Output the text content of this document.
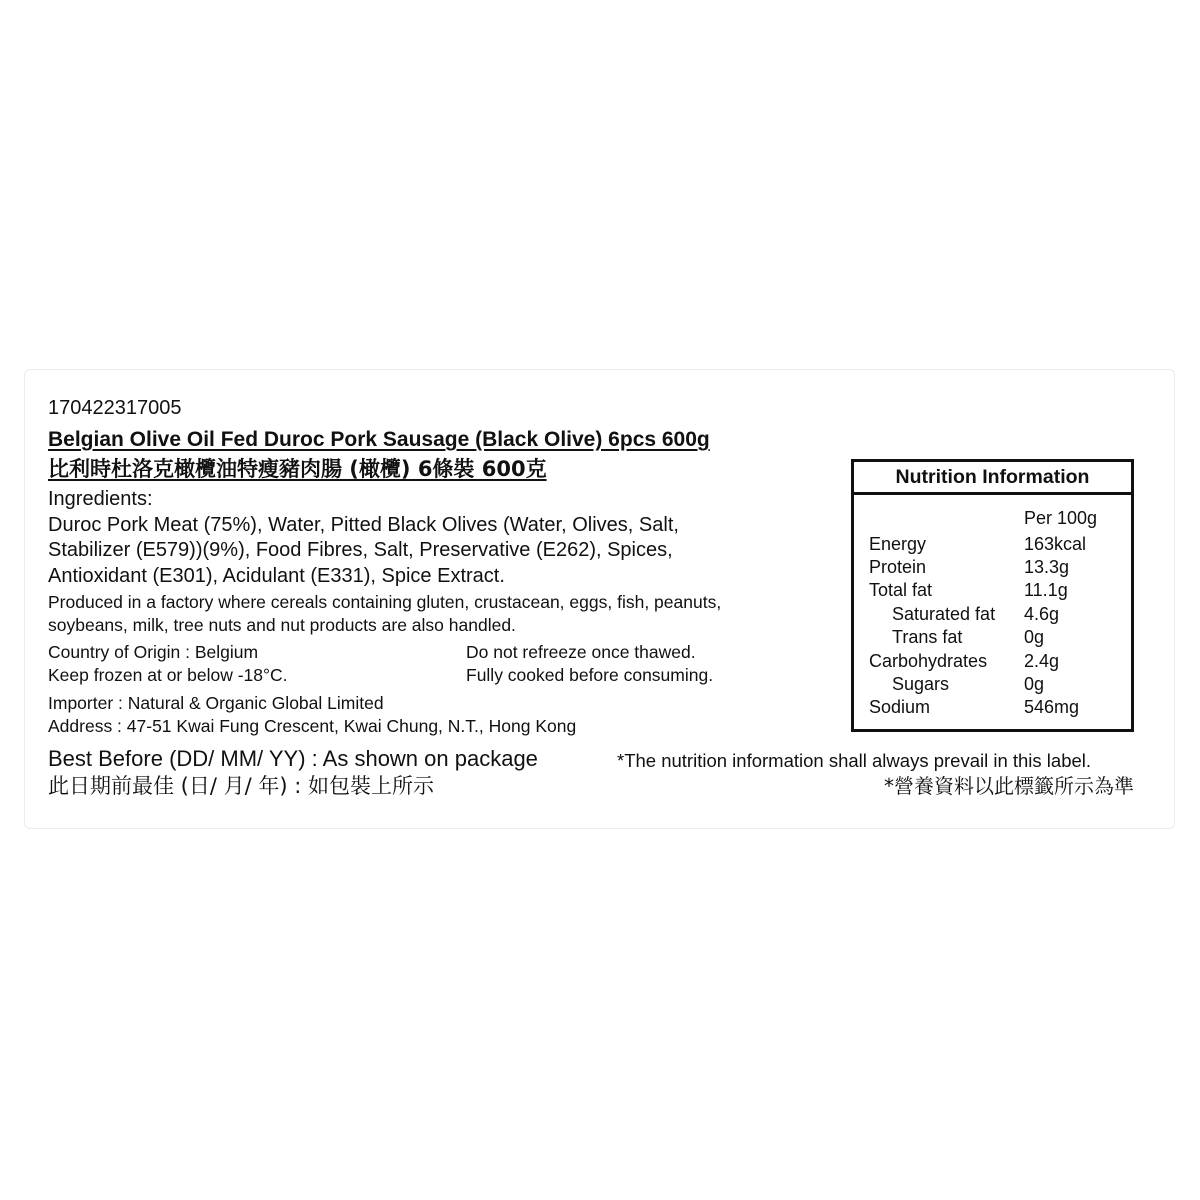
170422317005
Belgian Olive Oil Fed Duroc Pork Sausage (Black Olive) 6pcs 600g
比利時杜洛克橄欖油特瘦豬肉腸 (橄欖) 6條裝 600克
Ingredients:
Duroc Pork Meat (75%), Water, Pitted Black Olives (Water, Olives, Salt,
Stabilizer (E579))(9%), Food Fibres, Salt, Preservative (E262), Spices,
Antioxidant (E301), Acidulant (E331), Spice Extract.
Produced in a factory where cereals containing gluten, crustacean, eggs, fish, peanuts,
soybeans, milk, tree nuts and nut products are also handled.
Country of Origin : Belgium
Keep frozen at or below -18°C.
Do not refreeze once thawed.
Fully cooked before consuming.
Importer : Natural & Organic Global Limited
Address : 47-51 Kwai Fung Crescent, Kwai Chung, N.T., Hong Kong
Best Before (DD/ MM/ YY) : As shown on package
此日期前最佳 (日/ 月/ 年) : 如包裝上所示
*The nutrition information shall always prevail in this label.
*營養資料以此標籤所示為準
Nutrition Information
Per 100g
Energy	163kcal
Protein	13.3g
Total fat	11.1g
Saturated fat 4.6g
Trans fat	0g
Carbohydrates 2.4g
Sugars	0g
Sodium	546mg
